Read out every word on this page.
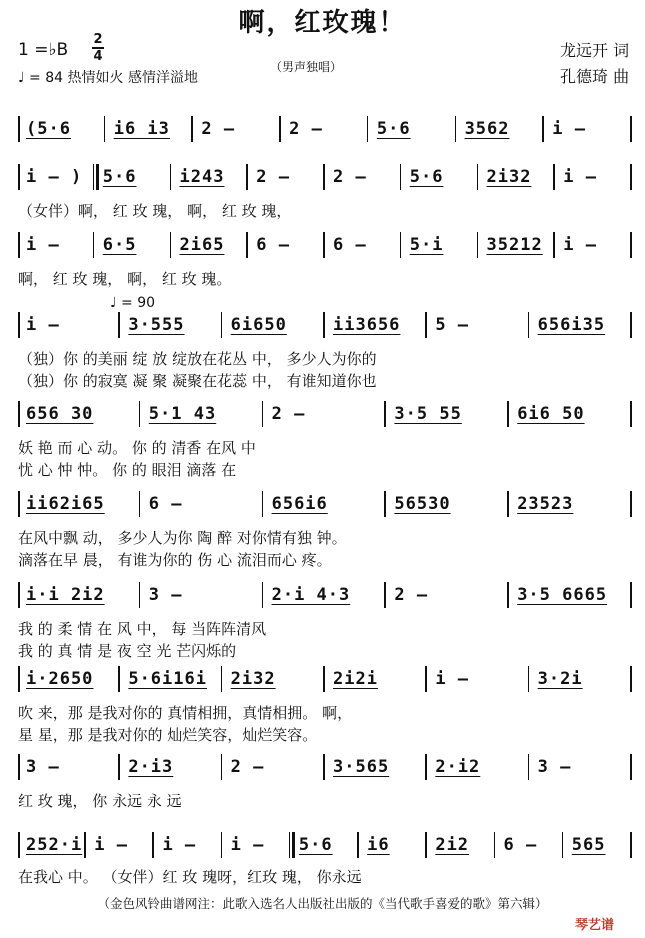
啊，红玫瑰！
1 =♭B
2
4
♩ = 84 热情如火 感情洋溢地
（男声独唱）
龙远开 词
孔德琦 曲
(5·6	i6 i3 2 –	2 –	5·6	3562	i –
i – ) 5·6	i243 2 –	2 –	5·6	2i32 i –
（女伴）啊， 红 玫 瑰， 啊， 红 玫 瑰，
i –	6·5	2i65 6 –	6 –	5·i	35212 i –
啊， 红 玫 瑰， 啊， 红 玫 瑰。
i –	3·555	6i650	ii3656 5 –	656i35
（独）你 的美丽 绽 放 绽放在花丛 中， 多少人为你的
（独）你 的寂寞 凝 聚 凝聚在花蕊 中， 有谁知道你也
656 30	5·1 43	2 –	3·5 55	6i6 50
妖 艳 而 心 动。 你 的 清香 在风 中
忧 心 忡 忡。 你 的 眼泪 滴落 在
ii62i65	6 –	656i6	56530	23523
在风中飘 动， 多少人为你 陶 醉 对你情有独 钟。
滴落在早 晨， 有谁为你的 伤 心 流泪而心 疼。
i·i 2i2	3 –	2·i 4·3	2 –	3·5 6665
我 的 柔 情 在 风 中， 每 当阵阵清风
我 的 真 情 是 夜 空 光 芒闪烁的
i·2650 5·6i16i 2i32	2i2i	i –	3·2i
吹 来，那 是我对你的 真情相拥，真情相拥。 啊，
星 星，那 是我对你的 灿烂笑容，灿烂笑容。
3 –	2·i3	2 –	3·565	2·i2	3 –
红 玫 瑰， 你 永远 永 远
252·i i – i – i – 5·6 i6	2i2 6 – 565
在我心 中。 （女伴）红 玫 瑰呀，红玫 瑰， 你永远
♩ = 90
（金色风铃曲谱网注：此歌入选名人出版社出版的《当代歌手喜爱的歌》第六辑）
琴艺谱
